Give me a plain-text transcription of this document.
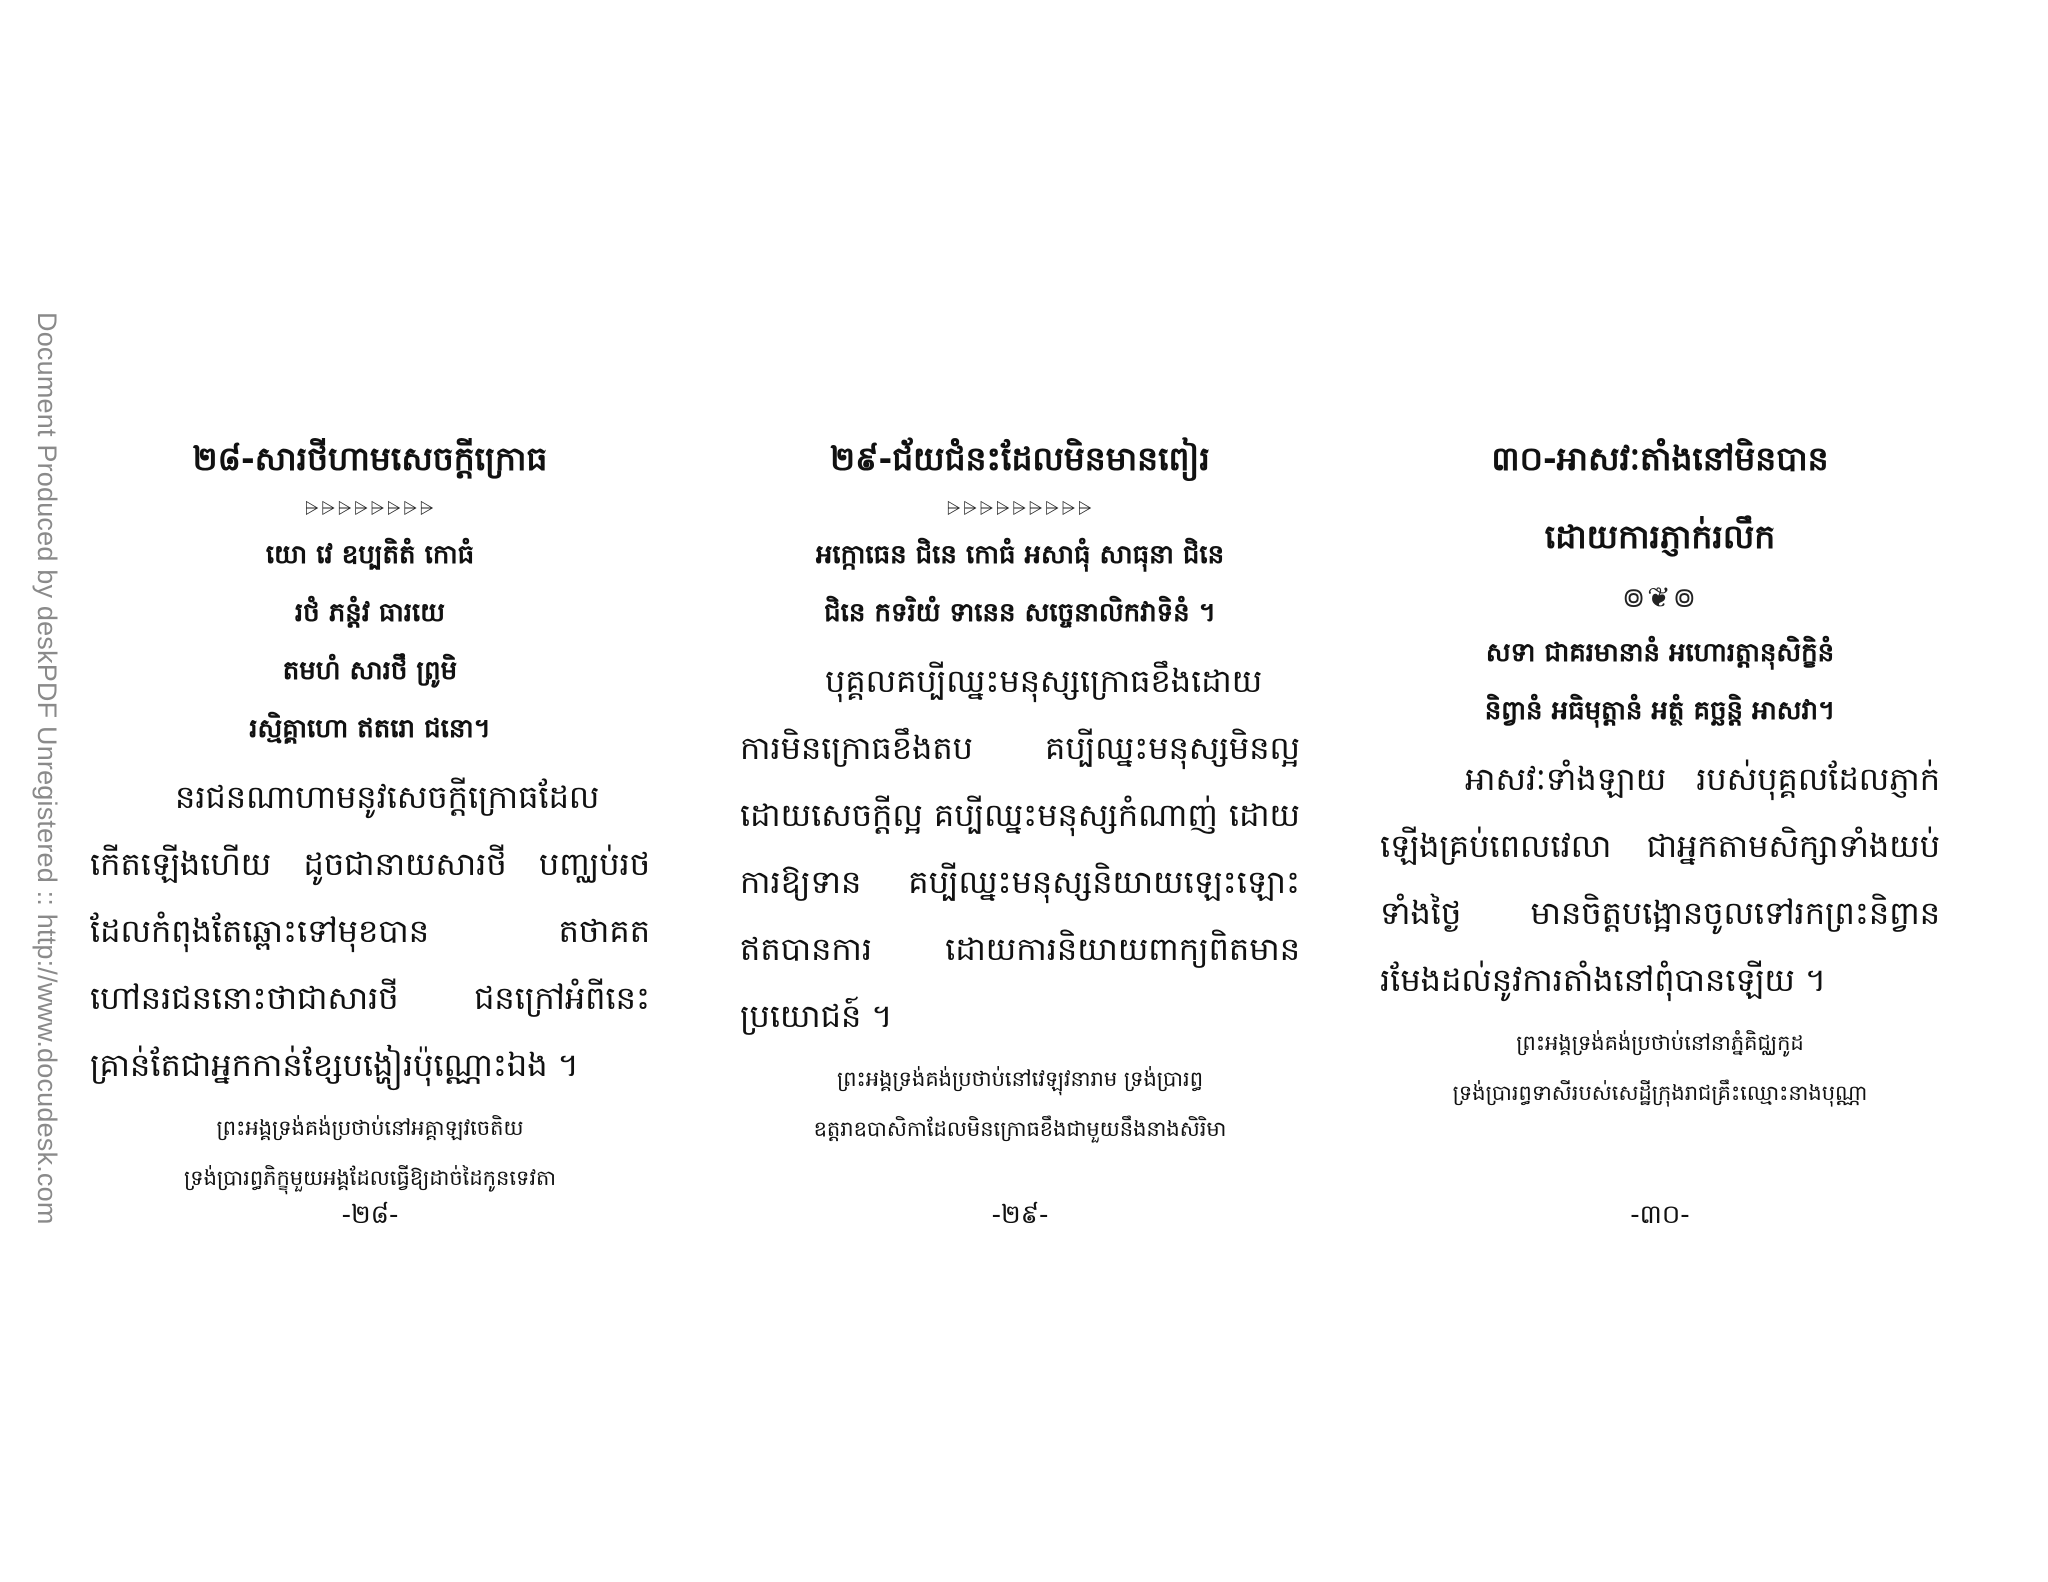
Document Produced by deskPDF Unregistered :: http://www.docudesk.com	២៨-សារថីហាមសេចក្ដីក្រោធ

⩥⩥⩥⩥⩥⩥⩥⩥

យោ វេ ឧប្បតិតំ កោធំ

រថំ ភន្តំវ ធារយេ

តមហំ សារថឹ ព្រូមិ

រស្មិគ្គាហោ ឥតរោ ជនោ។

នរជនណាហាមនូវសេចក្ដីក្រោធដែលកើតឡើងហើយ ដូចជានាយសារថី បញ្ឈប់រថដែលកំពុងតែឆ្ពោះទៅមុខបាន តថាគត ហៅនរជននោះថាជាសារថី ជនក្រៅអំពីនេះ គ្រាន់តែជាអ្នកកាន់ខ្សែបង្ហៀរប៉ុណ្ណោះឯង ។

ព្រះអង្គទ្រង់គង់ប្រថាប់នៅអគ្គាឡវចេតិយ

ទ្រង់ប្រារព្ធភិក្ខុមួយអង្គដែលធ្វើឱ្យដាច់ដៃកូនទេវតា

-២៨-

២៩-ជ័យជំនះដែលមិនមានពៀរ

⩥⩥⩥⩥⩥⩥⩥⩥⩥

អក្កោធេន ជិនេ កោធំ អសាធុំ សាធុនា ជិនេ

ជិនេ កទរិយំ ទានេន សច្ចេនាលិកវាទិនំ ។

បុគ្គលគប្បីឈ្នះមនុស្សក្រោធខឹងដោយការមិនក្រោធខឹងតប គប្បីឈ្នះមនុស្សមិនល្អ ដោយសេចក្ដីល្អ គប្បីឈ្នះមនុស្សកំណាញ់ ដោយការឱ្យទាន គប្បីឈ្នះមនុស្សនិយាយឡេះឡោះឥតបានការ ដោយការនិយាយពាក្យពិតមានប្រយោជន៍ ។

ព្រះអង្គទ្រង់គង់ប្រថាប់នៅវេឡុវនារាម ទ្រង់ប្រារព្ធ

ឧត្តរាឧបាសិកាដែលមិនក្រោធខឹងជាមួយនឹងនាងសិរិមា

-២៩-

៣០-អាសវៈតាំងនៅមិនបាន

ដោយការភ្ញាក់រលឹក

៙❦៙

សទា ជាគរមានានំ អហោរត្តានុសិក្ខិនំ

និព្វានំ អធិមុត្តានំ អត្ថំ គច្ឆន្តិ អាសវា។

អាសវៈទាំងឡាយ របស់បុគ្គលដែលភ្ញាក់ឡើងគ្រប់ពេលវេលា ជាអ្នកតាមសិក្សាទាំងយប់ទាំងថ្ងៃ មានចិត្តបង្អោនចូលទៅរកព្រះនិព្វាន រមែងដល់នូវការតាំងនៅពុំបានឡើយ ។

ព្រះអង្គទ្រង់គង់ប្រថាប់នៅនាភ្នំគិជ្ឈកូដ

ទ្រង់ប្រារព្ធទាសីរបស់សេដ្ឋីក្រុងរាជគ្រឹះឈ្មោះនាងបុណ្ណា

-៣០-
